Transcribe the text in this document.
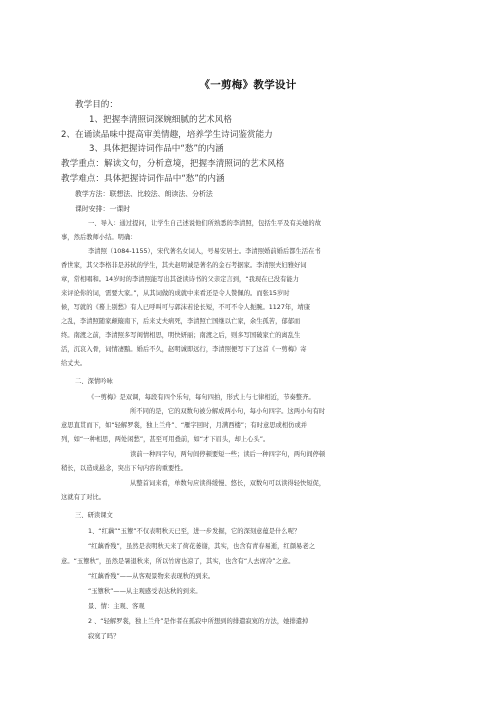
《一剪梅》教学设计

教学目的：

1、把握李清照词深婉细腻的艺术风格

2、在诵读品味中提高审美情趣，培养学生诗词鉴赏能力

3、具体把握诗词作品中“愁”的内涵

教学重点：解读文句，分析意境，把握李清照词的艺术风格

教学难点：具体把握诗词作品中“愁”的内涵

教学方法：联想法、比较法、朗读法、分析法

课时安排：一课时

一、导入：通过提问，让学生自己述说他们所熟悉的李清照，包括生平及有关她的故

事，然后教师小结。明确：

李清照（1084-1155），宋代著名女词人，号易安居士。李清照婚前婚后都生活在书

香世家，其父李格非是苏轼的学生，其夫赵明诚是著名的金石考据家。李清照夫妇雅好词

章，常相唱和。14岁时的李清照能写出其爸读诗书的父亲定言到，“我现在已没有能力

来评论你的词，需要大家。”，从其词做的成就中来看还是令人赞佩的。而张15岁时

候，写就的《蓦上别愁》有人已呼叫可与郭沫若论长短，不可不令人扼腕。1127年，靖康

之乱，李清照随家颠簸南下，后来丈夫病死，李清照亡国继以亡家，余生孤苦，郁郁而

终。南渡之前，李清照多写闺情相思，明快妍丽；南渡之后，则多写国破家亡的离乱生

活，沉哀入骨，词情凄黯。婚后不久，赵明诚即远行，李清照便写下了这首《一剪梅》寄

给丈夫。

二、深情吟咏

《一剪梅》是双调，每段有四个乐句，每句四拍，形式上与七律相近，节奏整齐。

所不同的是，它的双数句被分解成两小句，每小句四字。这两小句有时

意思直贯而下，如“轻解罗裳，独上兰舟”、“雁字回时，月满西楼”；有时意思或相仿或并

列，如“一种相思，两处闲愁”，甚至可用叠前，如“才下眉头，却上心头”。

读前一种四字句，两句间停顿要短一些；读后一种四字句，两句间停顿

稍长，以造成悬念，突出下句内容的重要性。

从整首词来看，单数句应读得缓慢、悠长，双数句可以读得轻快短促，

这就有了对比。

三、研读课文

1、“红藕”“玉簟”不仅表明秋天已至，进一步发掘，它的深刻意蕴是什么呢？

“红藕香残”，虽然是表明秋天来了荷花萎谢，其实，也含有青春易逝，红颜易老之

意。“玉簟秋”，虽然是暑退秋来，所以竹席也凉了，其实，也含有“人去席冷”之意。

“红藕香残”——从客观景物来表现秋的到来。

“玉簟秋”——从主观感受表达秋的到来。

景、情：主观、客观

2 、“轻解罗裳，独上兰舟”是作者在孤寂中所想到的排遣寂寞的方法，她排遣掉

寂寞了吗？
